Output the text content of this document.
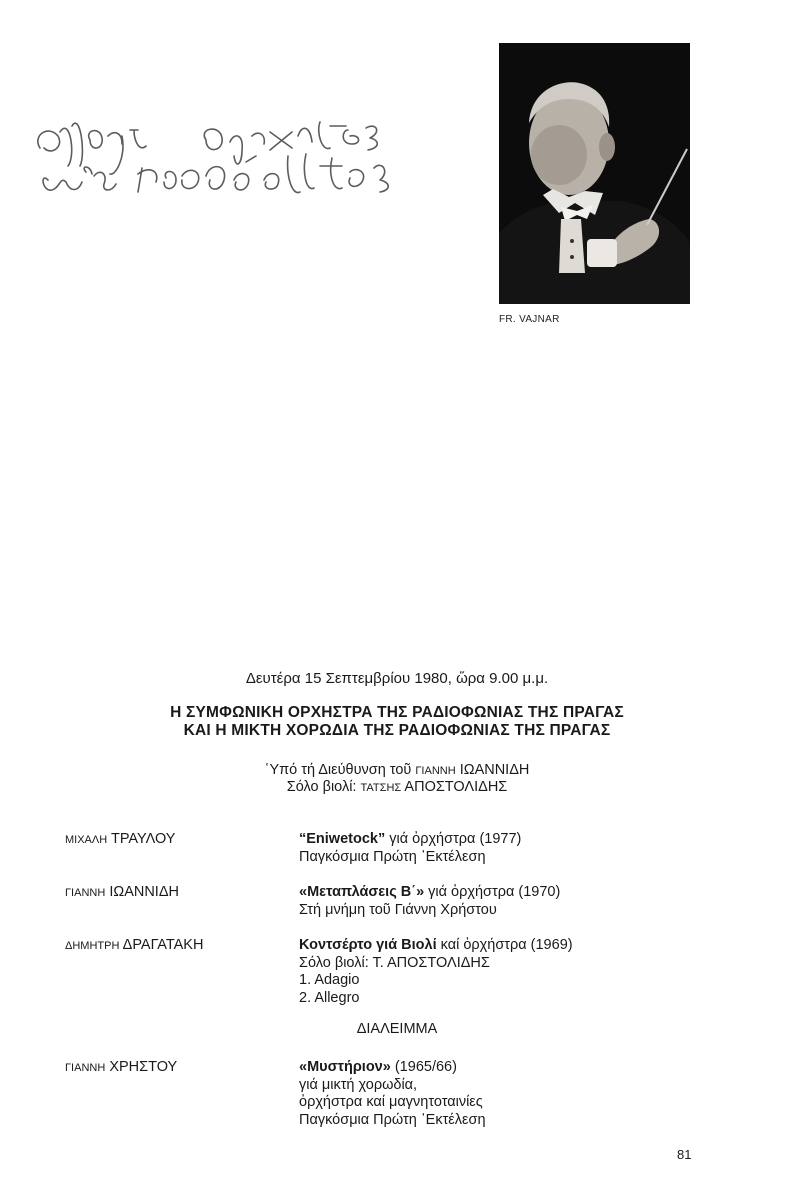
FR. VAJNAR
Δευτέρα 15 Σεπτεμβρίου 1980, ὥρα 9.00 μ.μ.
Η ΣΥΜΦΩΝΙΚΗ ΟΡΧΗΣΤΡΑ ΤΗΣ ΡΑΔΙΟΦΩΝΙΑΣ ΤΗΣ ΠΡΑΓΑΣ
ΚΑΙ Η ΜΙΚΤΗ ΧΟΡΩΔΙΑ ΤΗΣ ΡΑΔΙΟΦΩΝΙΑΣ ΤΗΣ ΠΡΑΓΑΣ
῾Υπό τή Διεύθυνση τοῦ ΓΙΑΝΝΗ ΙΩΑΝΝΙΔΗ
Σόλο βιολί: ΤΑΤΣΗΣ ΑΠΟΣΤΟΛΙΔΗΣ
ΜΙΧΑΛΗ ΤΡΑΥΛΟΥ	“Eniwetock” γιά ὀρχήστρα (1977)
Παγκόσμια Πρώτη ᾿Εκτέλεση
ΓΙΑΝΝΗ ΙΩΑΝΝΙΔΗ	«Μεταπλάσεις Β΄» γιά ὀρχήστρα (1970)
Στή μνήμη τοῦ Γιάννη Χρήστου
ΔΗΜΗΤΡΗ ΔΡΑΓΑΤΑΚΗ	Κοντσέρτο γιά Βιολί καί ὀρχήστρα (1969)
Σόλο βιολί: Τ. ΑΠΟΣΤΟΛΙΔΗΣ
1. Adagio
2. Allegro
ΔΙΑΛΕΙΜΜΑ
ΓΙΑΝΝΗ ΧΡΗΣΤΟΥ	«Μυστήριον» (1965/66)
γιά μικτή χορωδία,
ὀρχήστρα καί μαγνητοταινίες
Παγκόσμια Πρώτη ᾿Εκτέλεση
81
